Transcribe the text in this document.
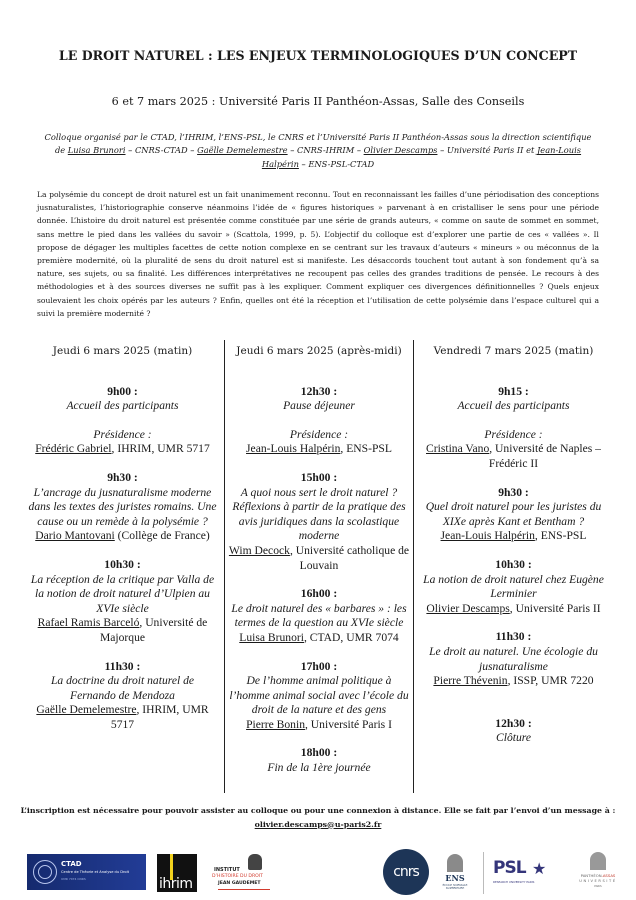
LE DROIT NATUREL : LES ENJEUX TERMINOLOGIQUES D’UN CONCEPT
6 et 7 mars 2025 : Université Paris II Panthéon-Assas, Salle des Conseils
Colloque organisé par le CTAD, l’IHRIM, l’ENS-PSL, le CNRS et l’Université Paris II Panthéon-Assas sous la direction scientifique de Luisa Brunori – CNRS-CTAD – Gaëlle Demelemestre – CNRS-IHRIM – Olivier Descamps – Université Paris II et Jean-Louis Halpérin – ENS-PSL-CTAD
La polysémie du concept de droit naturel est un fait unanimement reconnu. Tout en reconnaissant les failles d’une périodisation des conceptions jusnaturalistes, l’historiographie conserve néanmoins l’idée de « figures historiques » parvenant à en cristalliser le sens pour une période donnée. L’histoire du droit naturel est présentée comme constituée par une série de grands auteurs, « comme on saute de sommet en sommet, sans mettre le pied dans les vallées du savoir » (Scattola, 1999, p. 5). L’objectif du colloque est d’explorer une partie de ces « vallées ». Il propose de dégager les multiples facettes de cette notion complexe en se centrant sur les travaux d’auteurs « mineurs » ou méconnus de la première modernité, où la pluralité de sens du droit naturel est si manifeste. Les désaccords touchent tout autant à son fondement qu’à sa nature, ses sujets, ou sa finalité. Les différences interprétatives ne recoupent pas celles des grandes traditions de pensée. Le recours à des méthodologies et à des sources diverses ne suffit pas à les expliquer. Comment expliquer ces divergences définitionnelles ? Quels enjeux soulevaient les choix opérés par les auteurs ? Enfin, quelles ont été la réception et l’utilisation de cette polysémie dans l’espace culturel qui a suivi la première modernité ?
Jeudi 6 mars 2025 (matin)
9h00 :
Accueil des participants
Présidence :
Frédéric Gabriel, IHRIM, UMR 5717
9h30 :
L’ancrage du jusnaturalisme moderne dans les textes des juristes romains. Une cause ou un remède à la polysémie ?
Dario Mantovani (Collège de France)
10h30 :
La réception de la critique par Valla de la notion de droit naturel d’Ulpien au XVIe siècle
Rafael Ramis Barceló, Université de Majorque
11h30 :
La doctrine du droit naturel de Fernando de Mendoza
Gaëlle Demelemestre, IHRIM, UMR 5717
Jeudi 6 mars 2025 (après-midi)
12h30 :
Pause déjeuner
Présidence :
Jean-Louis Halpérin, ENS-PSL
15h00 :
A quoi nous sert le droit naturel ? Réflexions à partir de la pratique des avis juridiques dans la scolastique moderne
Wim Decock, Université catholique de Louvain
16h00 :
Le droit naturel des « barbares » : les termes de la question au XVIe siècle
Luisa Brunori, CTAD, UMR 7074
17h00 :
De l’homme animal politique à l’homme animal social avec l’école du droit de la nature et des gens
Pierre Bonin, Université Paris I
18h00 :
Fin de la 1ère journée
Vendredi 7 mars 2025 (matin)
9h15 :
Accueil des participants
Présidence :
Cristina Vano, Université de Naples – Frédéric II
9h30 :
Quel droit naturel pour les juristes du XIXe après Kant et Bentham ?
Jean-Louis Halpérin, ENS-PSL
10h30 :
La notion de droit naturel chez Eugène Lerminier
Olivier Descamps, Université Paris II
11h30 :
Le droit au naturel. Une écologie du jusnaturalisme
Pierre Thévenin, ISSP, UMR 7220
12h30 :
Clôture
L’inscription est nécessaire pour pouvoir assister au colloque ou pour une connexion à distance. Elle se fait par l’envoi d’un message à :
olivier.descamps@u-paris2.fr
CTAD
Centre de Théorie et Analyse du Droit
UMR 7074 CNRS	ihrim
INSTITUT
D’HISTOIRE DU DROIT
JEAN GAUDEMET
cnrs	ENS
ÉCOLE NORMALE SUPÉRIEURE
PSL ★
RESEARCH UNIVERSITY PARIS
PANTHÉON-ASSAS
UNIVERSITÉ
PARIS
